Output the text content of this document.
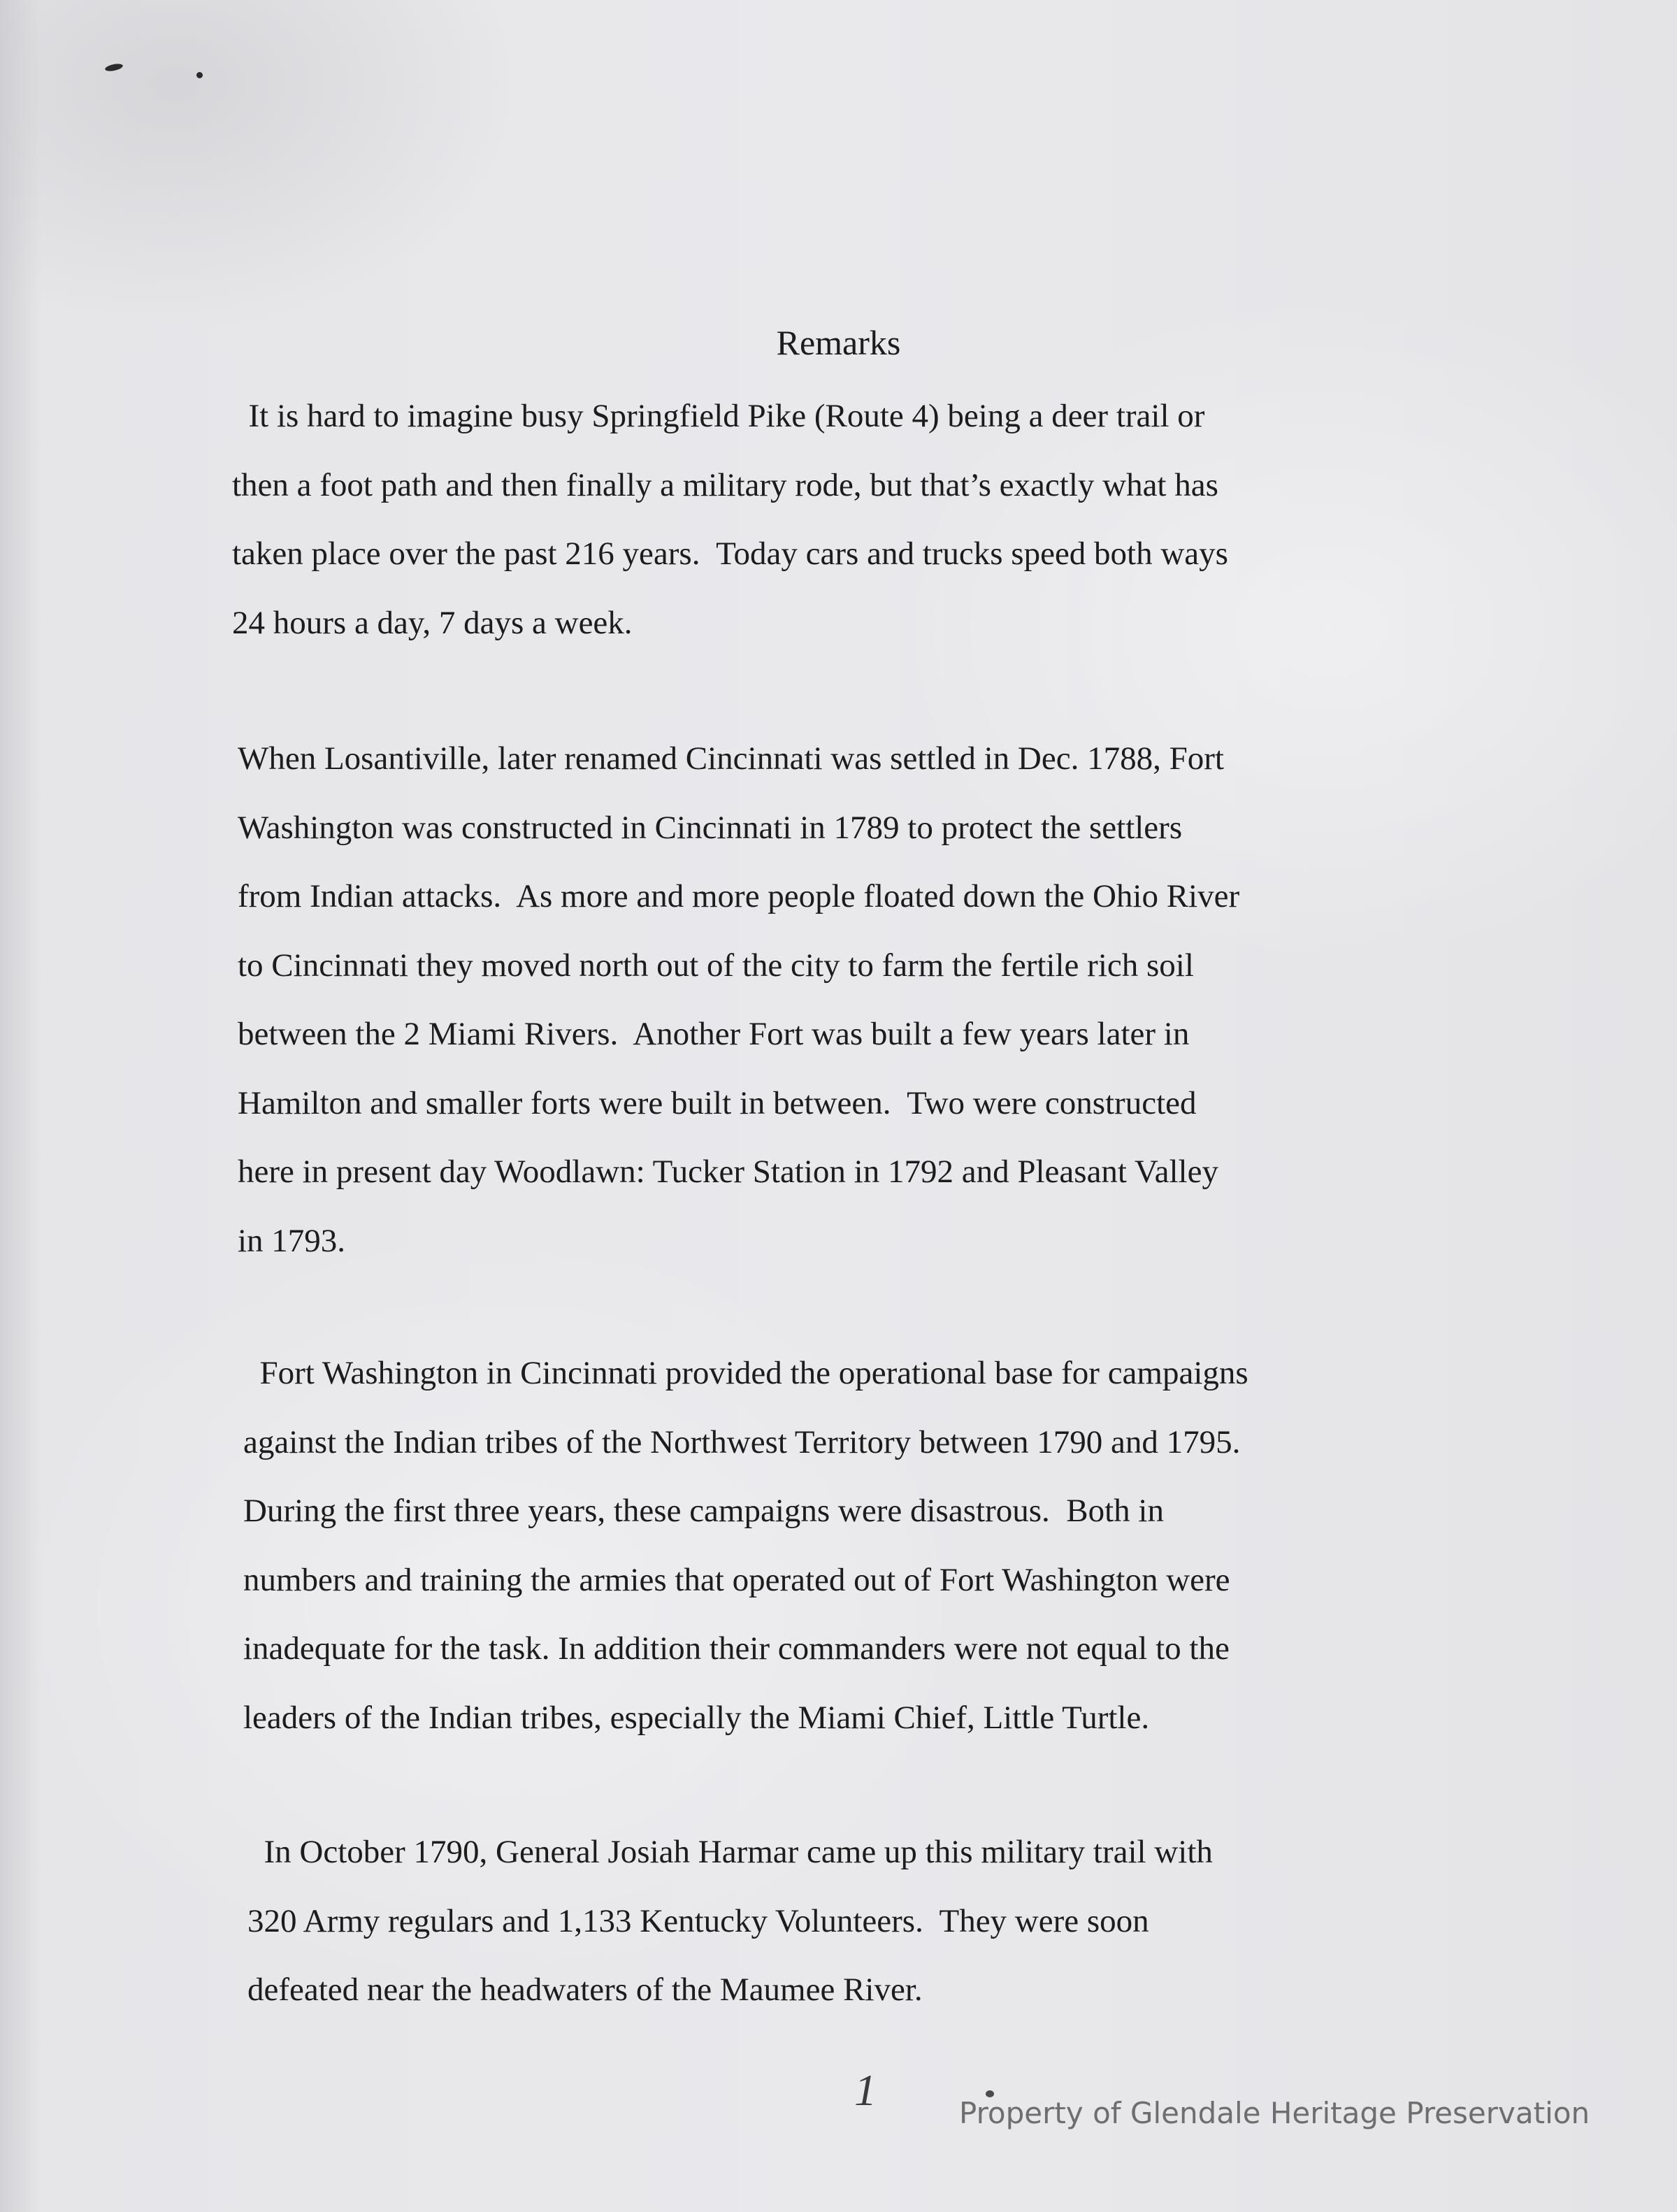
Remarks

It is hard to imagine busy Springfield Pike (Route 4) being a deer trail or
then a foot path and then finally a military rode, but that’s exactly what has
taken place over the past 216 years.  Today cars and trucks speed both ways
24 hours a day, 7 days a week.

When Losantiville, later renamed Cincinnati was settled in Dec. 1788, Fort
Washington was constructed in Cincinnati in 1789 to protect the settlers
from Indian attacks.  As more and more people floated down the Ohio River
to Cincinnati they moved north out of the city to farm the fertile rich soil
between the 2 Miami Rivers.  Another Fort was built a few years later in
Hamilton and smaller forts were built in between.  Two were constructed
here in present day Woodlawn: Tucker Station in 1792 and Pleasant Valley
in 1793.

Fort Washington in Cincinnati provided the operational base for campaigns
against the Indian tribes of the Northwest Territory between 1790 and 1795.
During the first three years, these campaigns were disastrous.  Both in
numbers and training the armies that operated out of Fort Washington were
inadequate for the task. In addition their commanders were not equal to the
leaders of the Indian tribes, especially the Miami Chief, Little Turtle.

In October 1790, General Josiah Harmar came up this military trail with
320 Army regulars and 1,133 Kentucky Volunteers.  They were soon
defeated near the headwaters of the Maumee River.

1	Property of Glendale Heritage Preservation
